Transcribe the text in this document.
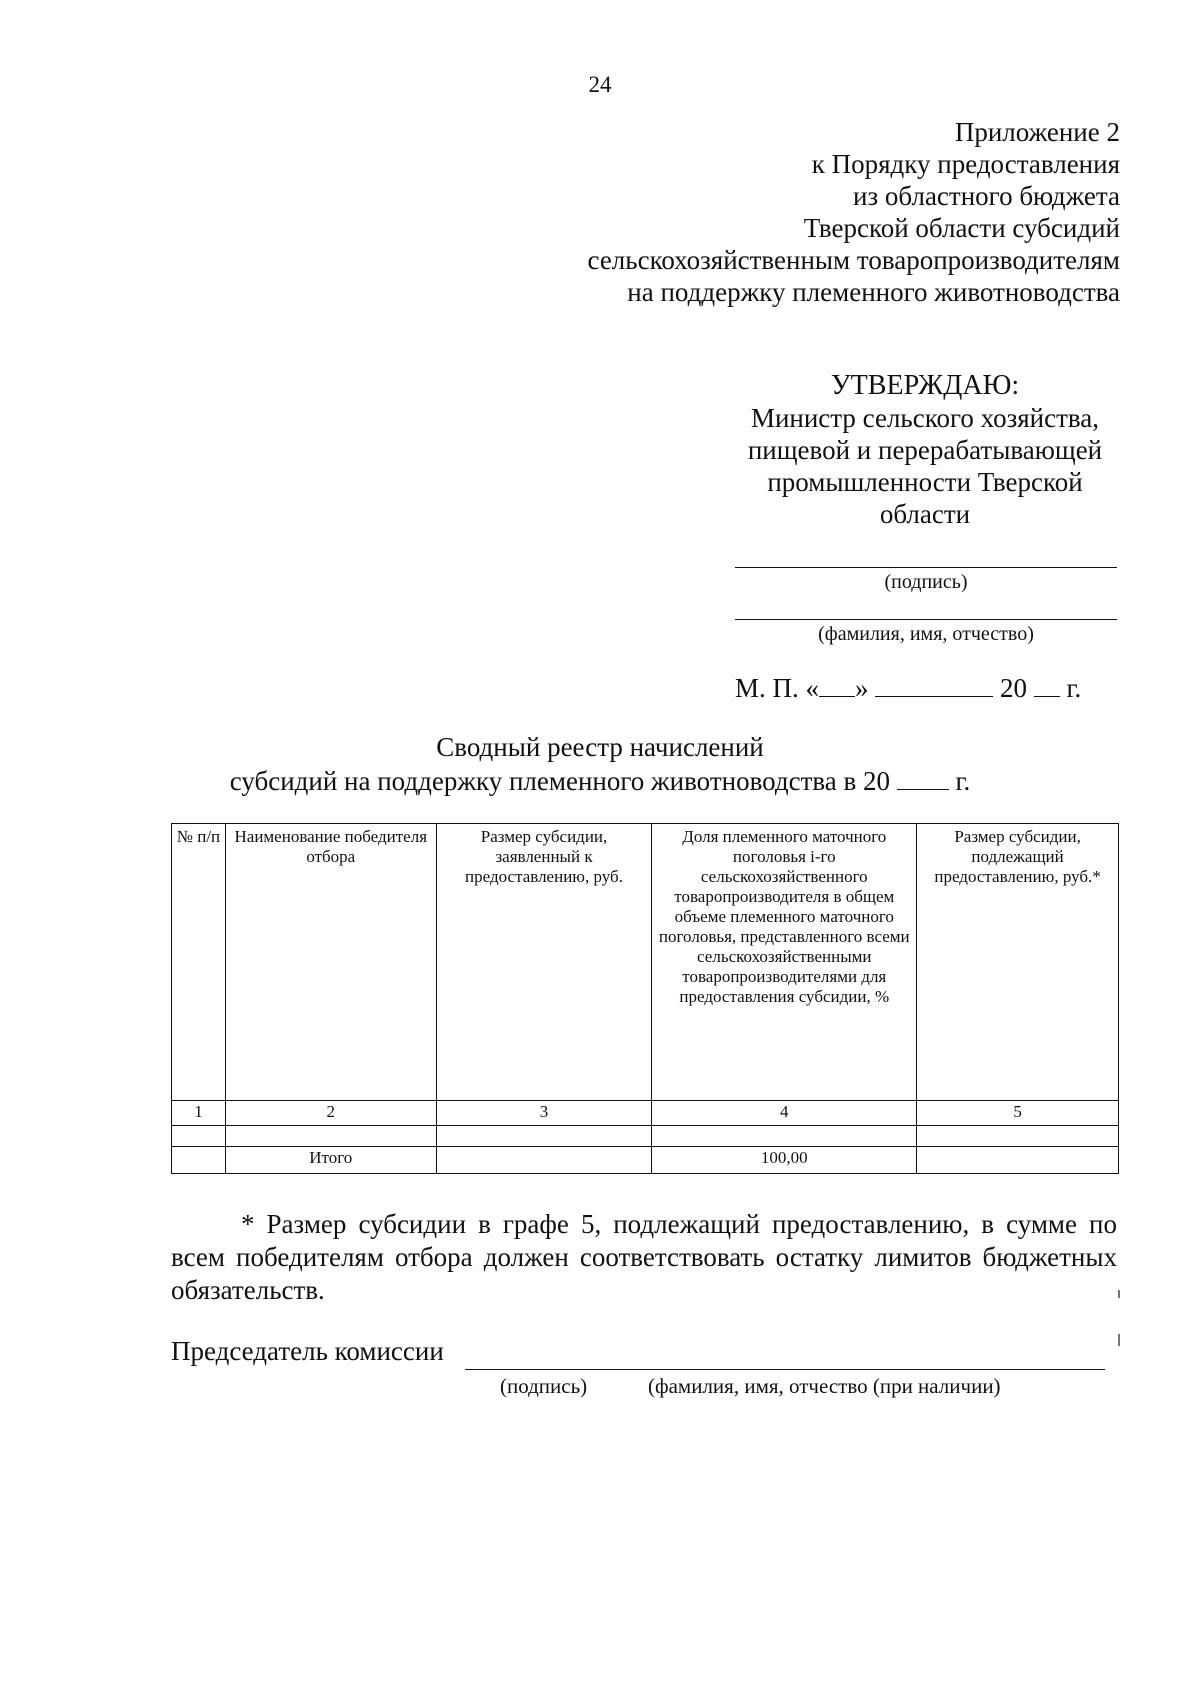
24
Приложение 2
к Порядку предоставления
из областного бюджета
Тверской области субсидий
сельскохозяйственным товаропроизводителям
на поддержку племенного животноводства
УТВЕРЖДАЮ:
Министр сельского хозяйства,
пищевой и перерабатывающей
промышленности Тверской
области
(подпись)
(фамилия, имя, отчество)
М. П. « »	20 г.
Сводный реестр начислений
субсидий на поддержку племенного животноводства в 20 г.
№ п/п	Наименование победителя отбора	Размер субсидии, заявленный к предоставлению, руб.	Доля племенного маточного поголовья i-го сельскохозяйственного товаропроизводителя в общем объеме племенного маточного поголовья, представленного всеми сельскохозяйственными товаропроизводителями для предоставления субсидии, %	Размер субсидии, подлежащий предоставлению, руб.*
1	2	3	4	5

	Итого		100,00	
* Размер субсидии в графе 5, подлежащий предоставлению, в сумме по всем победителям отбора должен соответствовать остатку лимитов бюджетных обязательств.
Председатель комиссии
(подпись)	(фамилия, имя, отчество (при наличии)
